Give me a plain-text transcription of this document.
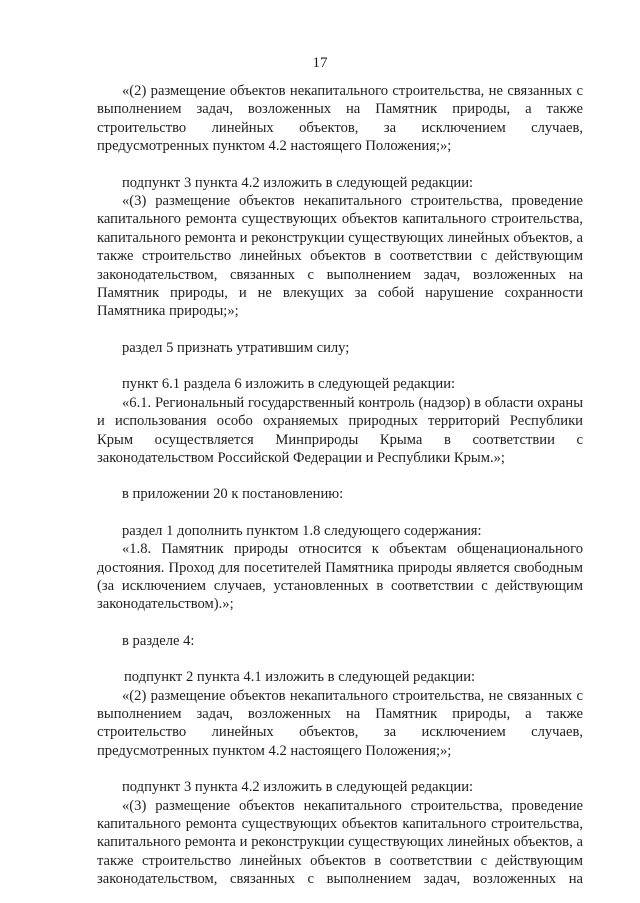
17

«(2) размещение объектов некапитального строительства, не связанных с выполнением задач, возложенных на Памятник природы, а также строительство линейных объектов, за исключением случаев, предусмотренных пунктом 4.2 настоящего Положения;»;

подпункт 3 пункта 4.2 изложить в следующей редакции:

«(3) размещение объектов некапитального строительства, проведение капитального ремонта существующих объектов капитального строительства, капитального ремонта и реконструкции существующих линейных объектов, а также строительство линейных объектов в соответствии с действующим законодательством, связанных с выполнением задач, возложенных на Памятник природы, и не влекущих за собой нарушение сохранности Памятника природы;»;

раздел 5 признать утратившим силу;

пункт 6.1 раздела 6 изложить в следующей редакции:

«6.1. Региональный государственный контроль (надзор) в области охраны и использования особо охраняемых природных территорий Республики Крым осуществляется Минприроды Крыма в соответствии с законодательством Российской Федерации и Республики Крым.»;

в приложении 20 к постановлению:

раздел 1 дополнить пунктом 1.8 следующего содержания:

«1.8. Памятник природы относится к объектам общенационального достояния. Проход для посетителей Памятника природы является свободным (за исключением случаев, установленных в соответствии с действующим законодательством).»;

в разделе 4:

подпункт 2 пункта 4.1 изложить в следующей редакции:

«(2) размещение объектов некапитального строительства, не связанных с выполнением задач, возложенных на Памятник природы, а также строительство линейных объектов, за исключением случаев, предусмотренных пунктом 4.2 настоящего Положения;»;

подпункт 3 пункта 4.2 изложить в следующей редакции:

«(3) размещение объектов некапитального строительства, проведение капитального ремонта существующих объектов капитального строительства, капитального ремонта и реконструкции существующих линейных объектов, а также строительство линейных объектов в соответствии с действующим законодательством, связанных с выполнением задач, возложенных на
